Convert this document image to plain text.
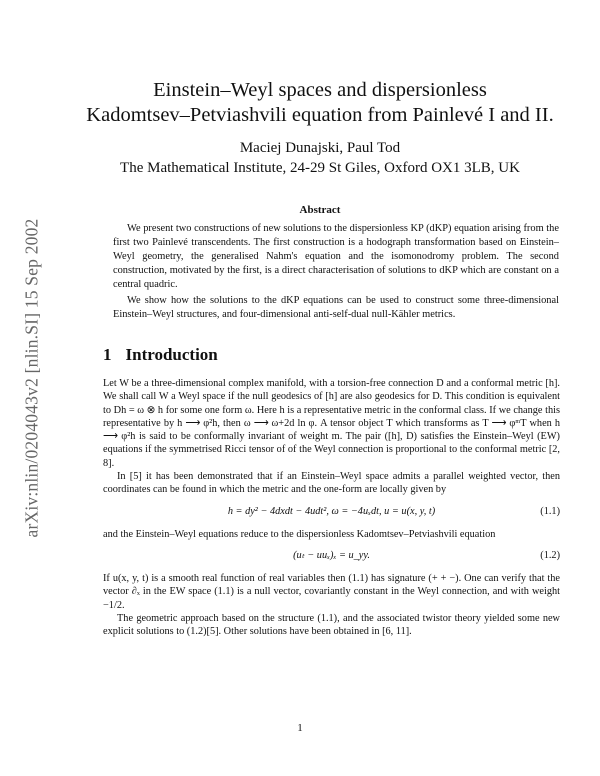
arXiv:nlin/0204043v2 [nlin.SI] 15 Sep 2002
Einstein–Weyl spaces and dispersionless
Kadomtsev–Petviashvili equation from Painlevé I and II.
Maciej Dunajski, Paul Tod
The Mathematical Institute, 24-29 St Giles, Oxford OX1 3LB, UK
Abstract

We present two constructions of new solutions to the dispersionless KP (dKP) equation arising from the first two Painlevé transcendents. The first construction is a hodograph transformation based on Einstein–Weyl geometry, the generalised Nahm's equation and the isomonodromy problem. The second construction, motivated by the first, is a direct characterisation of solutions to dKP which are constant on a central quadric.

We show how the solutions to the dKP equations can be used to construct some three-dimensional Einstein–Weyl structures, and four-dimensional anti-self-dual null-Kähler metrics.

1 Introduction

Let W be a three-dimensional complex manifold, with a torsion-free connection D and a conformal metric [h]. We shall call W a Weyl space if the null geodesics of [h] are also geodesics for D. This condition is equivalent to Dh = ω ⊗ h for some one form ω. Here h is a representative metric in the conformal class. If we change this representative by h ⟶ φ²h, then ω ⟶ ω+2d ln φ. A tensor object T which transforms as T ⟶ φᵐT when h ⟶ φ²h is said to be conformally invariant of weight m. The pair ([h], D) satisfies the Einstein–Weyl (EW) equations if the symmetrised Ricci tensor of of the Weyl connection is proportional to the conformal metric [2, 8].

In [5] it has been demonstrated that if an Einstein–Weyl space admits a parallel weighted vector, then coordinates can be found in which the metric and the one-form are locally given by

h = dy² − 4dxdt − 4udt², ω = −4uₓdt, u = u(x, y, t)	(1.1)

and the Einstein–Weyl equations reduce to the dispersionless Kadomtsev–Petviashvili equation

(uₜ − uuₓ)ₓ = u_yy.	(1.2)

If u(x, y, t) is a smooth real function of real variables then (1.1) has signature (+ + −). One can verify that the vector ∂ₓ in the EW space (1.1) is a null vector, covariantly constant in the Weyl connection, and with weight −1/2.

The geometric approach based on the structure (1.1), and the associated twistor theory yielded some new explicit solutions to (1.2)[5]. Other solutions have been obtained in [6, 11].

1
